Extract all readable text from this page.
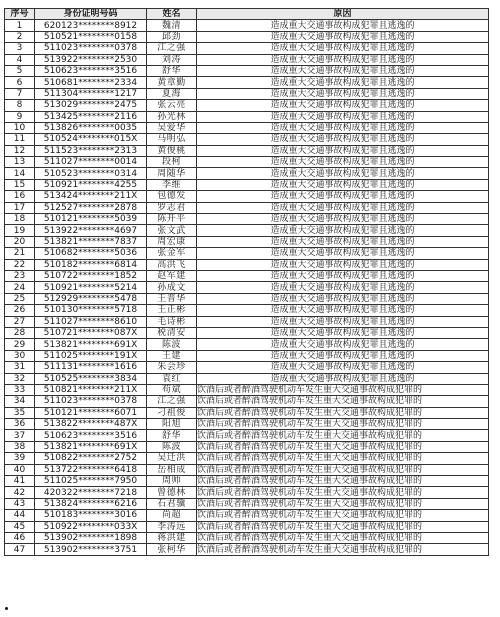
序号	身份证明号码	姓名	原因
1	620123********8912	魏清	造成重大交通事故构成犯罪且逃逸的
2	510521********0158	邱劲	造成重大交通事故构成犯罪且逃逸的
3	511023********0378	江之强	造成重大交通事故构成犯罪且逃逸的
4	513922********2530	刘涛	造成重大交通事故构成犯罪且逃逸的
5	510623********3516	舒华	造成重大交通事故构成犯罪且逃逸的
6	510681********2334	黄章勤	造成重大交通事故构成犯罪且逃逸的
7	511304********1217	夏海	造成重大交通事故构成犯罪且逃逸的
8	513029********2475	张云亮	造成重大交通事故构成犯罪且逃逸的
9	513425********2116	孙光林	造成重大交通事故构成犯罪且逃逸的
10	513826********0035	吴爱华	造成重大交通事故构成犯罪且逃逸的
11	510524********015X	马明弘	造成重大交通事故构成犯罪且逃逸的
12	511523********2313	黄俊桃	造成重大交通事故构成犯罪且逃逸的
13	511027********0014	段柯	造成重大交通事故构成犯罪且逃逸的
14	510523********0314	周随华	造成重大交通事故构成犯罪且逃逸的
15	510921********4255	李维	造成重大交通事故构成犯罪且逃逸的
16	513424********211X	包德发	造成重大交通事故构成犯罪且逃逸的
17	512527********2878	罗志君	造成重大交通事故构成犯罪且逃逸的
18	510121********5039	陈开平	造成重大交通事故构成犯罪且逃逸的
19	513922********4697	张文武	造成重大交通事故构成犯罪且逃逸的
20	513821********7837	周宏康	造成重大交通事故构成犯罪且逃逸的
21	510682********5036	张金军	造成重大交通事故构成犯罪且逃逸的
22	510182********6814	高洪飞	造成重大交通事故构成犯罪且逃逸的
23	510722********1852	赵军建	造成重大交通事故构成犯罪且逃逸的
24	510921********5214	孙成文	造成重大交通事故构成犯罪且逃逸的
25	512929********5478	王普华	造成重大交通事故构成犯罪且逃逸的
26	510130********5718	王正彬	造成重大交通事故构成犯罪且逃逸的
27	511027********8610	毛诗彬	造成重大交通事故构成犯罪且逃逸的
28	510721********087X	税清安	造成重大交通事故构成犯罪且逃逸的
29	513821********691X	陈波	造成重大交通事故构成犯罪且逃逸的
30	511025********191X	王建	造成重大交通事故构成犯罪且逃逸的
31	511131********1616	朱会珍	造成重大交通事故构成犯罪且逃逸的
32	510525********3834	袁红	造成重大交通事故构成犯罪且逃逸的
33	510821********211X	苟斌	饮酒后或者醉酒驾驶机动车发生重大交通事故构成犯罪的
34	511023********0378	江之强	饮酒后或者醉酒驾驶机动车发生重大交通事故构成犯罪的
35	510121********6071	刁祖俊	饮酒后或者醉酒驾驶机动车发生重大交通事故构成犯罪的
36	513822********487X	阳旭	饮酒后或者醉酒驾驶机动车发生重大交通事故构成犯罪的
37	510623********3516	舒华	饮酒后或者醉酒驾驶机动车发生重大交通事故构成犯罪的
38	513821********691X	陈波	饮酒后或者醉酒驾驶机动车发生重大交通事故构成犯罪的
39	510822********2752	吴迁洪	饮酒后或者醉酒驾驶机动车发生重大交通事故构成犯罪的
40	513722********6418	岳相成	饮酒后或者醉酒驾驶机动车发生重大交通事故构成犯罪的
41	511025********7950	周帅	饮酒后或者醉酒驾驶机动车发生重大交通事故构成犯罪的
42	420322********7218	曾德林	饮酒后或者醉酒驾驶机动车发生重大交通事故构成犯罪的
43	513824********6216	石君骥	饮酒后或者醉酒驾驶机动车发生重大交通事故构成犯罪的
44	510183********3016	尚超	饮酒后或者醉酒驾驶机动车发生重大交通事故构成犯罪的
45	510922********033X	李涛远	饮酒后或者醉酒驾驶机动车发生重大交通事故构成犯罪的
46	513902********1898	蒋洪建	饮酒后或者醉酒驾驶机动车发生重大交通事故构成犯罪的
47	513902********3751	张柯华	饮酒后或者醉酒驾驶机动车发生重大交通事故构成犯罪的
